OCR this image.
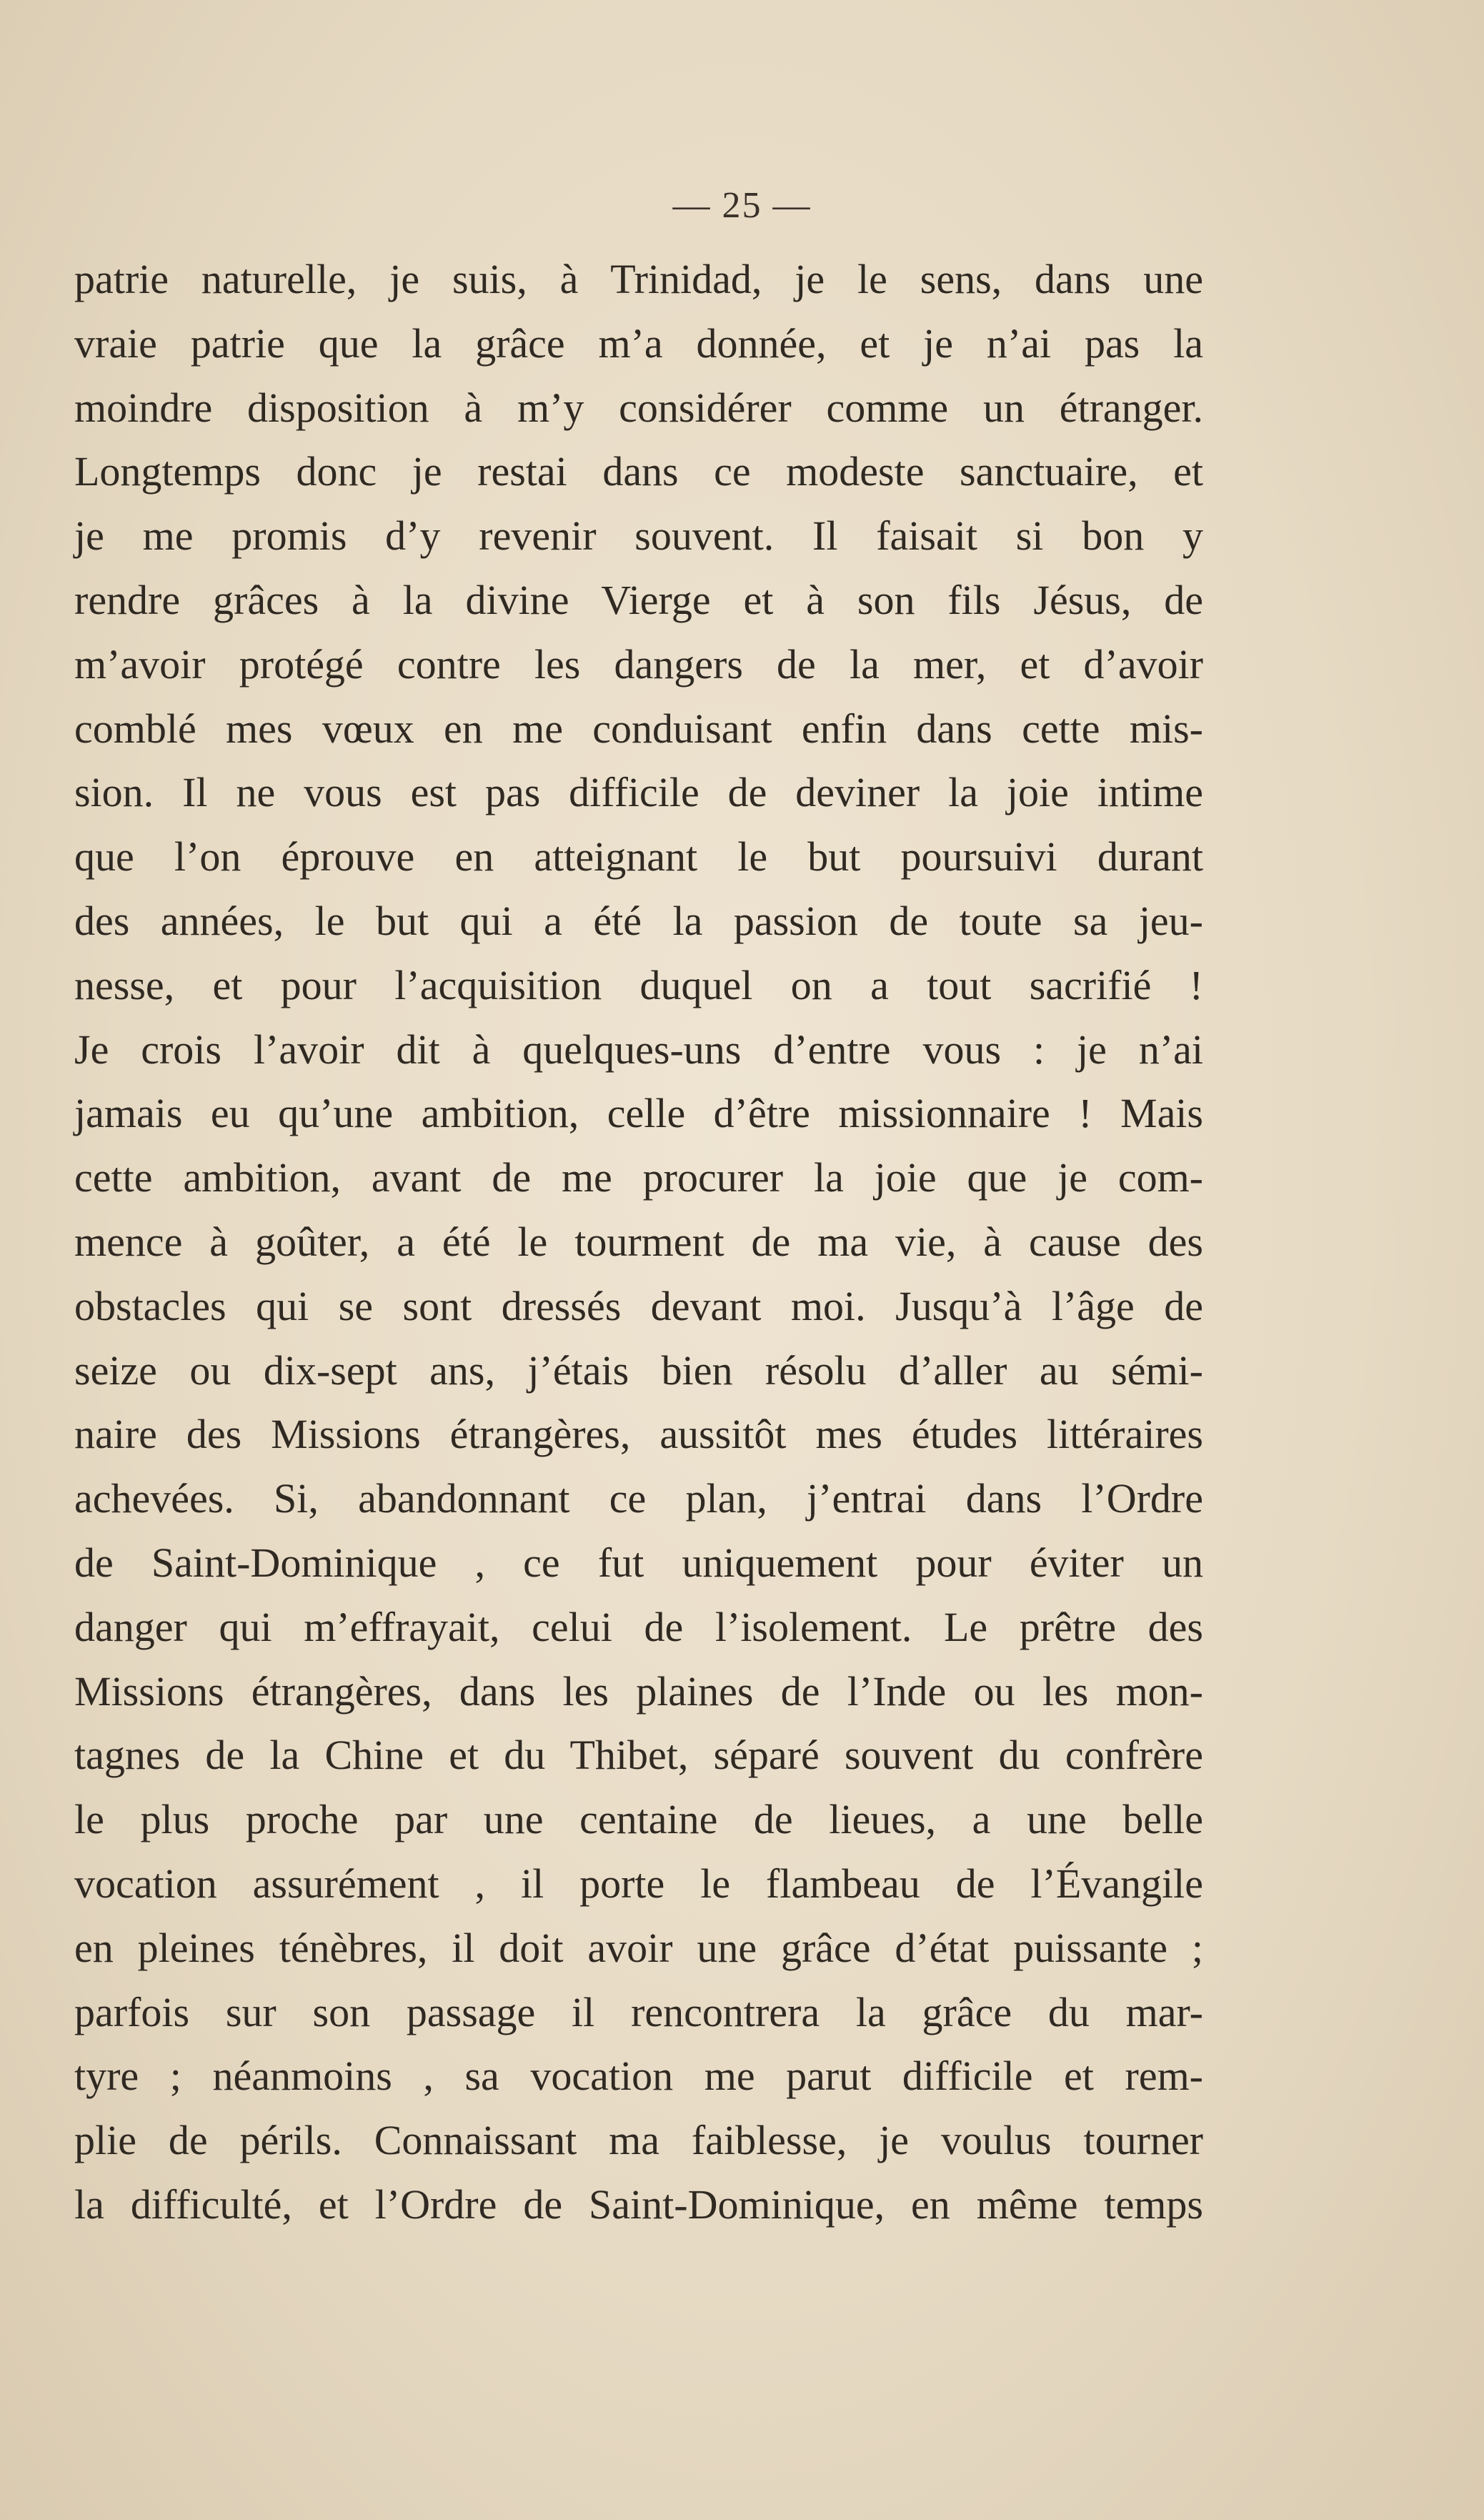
— 25 —
patrie naturelle, je suis, à Trinidad, je le sens, dans une
vraie patrie que la grâce m’a donnée, et je n’ai pas la
moindre disposition à m’y considérer comme un étranger.
Longtemps donc je restai dans ce modeste sanctuaire, et
je me promis d’y revenir souvent. Il faisait si bon y
rendre grâces à la divine Vierge et à son fils Jésus, de
m’avoir protégé contre les dangers de la mer, et d’avoir
comblé mes vœux en me conduisant enfin dans cette mis-
sion. Il ne vous est pas difficile de deviner la joie intime
que l’on éprouve en atteignant le but poursuivi durant
des années, le but qui a été la passion de toute sa jeu-
nesse, et pour l’acquisition duquel on a tout sacrifié !
Je crois l’avoir dit à quelques-uns d’entre vous : je n’ai
jamais eu qu’une ambition, celle d’être missionnaire ! Mais
cette ambition, avant de me procurer la joie que je com-
mence à goûter, a été le tourment de ma vie, à cause des
obstacles qui se sont dressés devant moi. Jusqu’à l’âge de
seize ou dix-sept ans, j’étais bien résolu d’aller au sémi-
naire des Missions étrangères, aussitôt mes études littéraires
achevées. Si, abandonnant ce plan, j’entrai dans l’Ordre
de Saint-Dominique , ce fut uniquement pour éviter un
danger qui m’effrayait, celui de l’isolement. Le prêtre des
Missions étrangères, dans les plaines de l’Inde ou les mon-
tagnes de la Chine et du Thibet, séparé souvent du confrère
le plus proche par une centaine de lieues, a une belle
vocation assurément , il porte le flambeau de l’Évangile
en pleines ténèbres, il doit avoir une grâce d’état puissante ;
parfois sur son passage il rencontrera la grâce du mar-
tyre ; néanmoins , sa vocation me parut difficile et rem-
plie de périls. Connaissant ma faiblesse, je voulus tourner
la difficulté, et l’Ordre de Saint-Dominique, en même temps
